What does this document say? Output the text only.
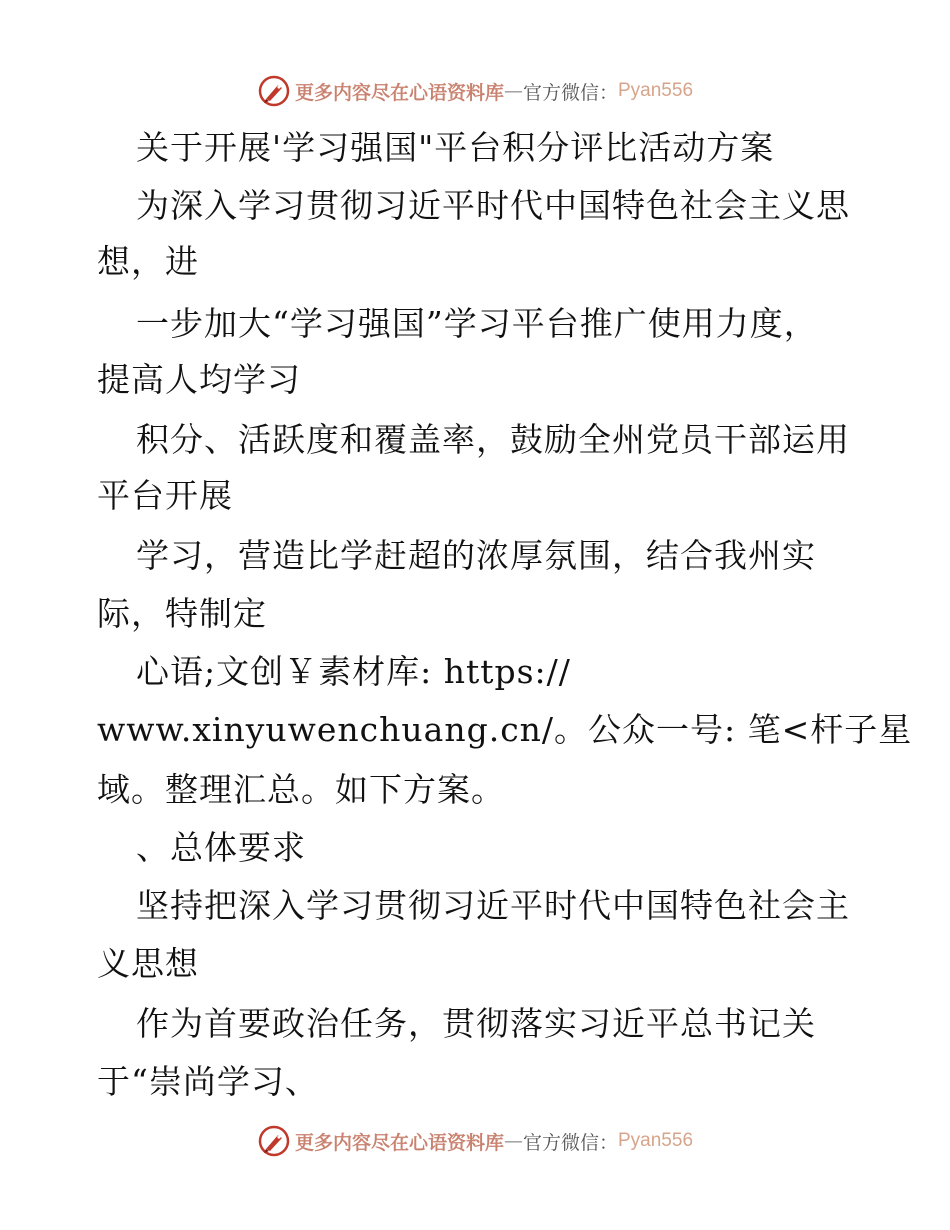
更多内容尽在心语资料库 — 官方微信： Pyan556
关于开展'学习强国"平台积分评比活动方案
为深入学习贯彻习近平时代中国特色社会主义思
想，进
一步加大“学习强国”学习平台推广使用力度，
提高人均学习
积分、活跃度和覆盖率，鼓励全州党员干部运用
平台开展
学习，营造比学赶超的浓厚氛围，结合我州实
际，特制定
心语;文创￥素材库: https://
www.xinyuwenchuang.cn/。公众一号: 笔<杆子星
域。整理汇总。如下方案。
、总体要求
坚持把深入学习贯彻习近平时代中国特色社会主
义思想
作为首要政治任务，贯彻落实习近平总书记关
于“崇尚学习、
更多内容尽在心语资料库 — 官方微信： Pyan556
